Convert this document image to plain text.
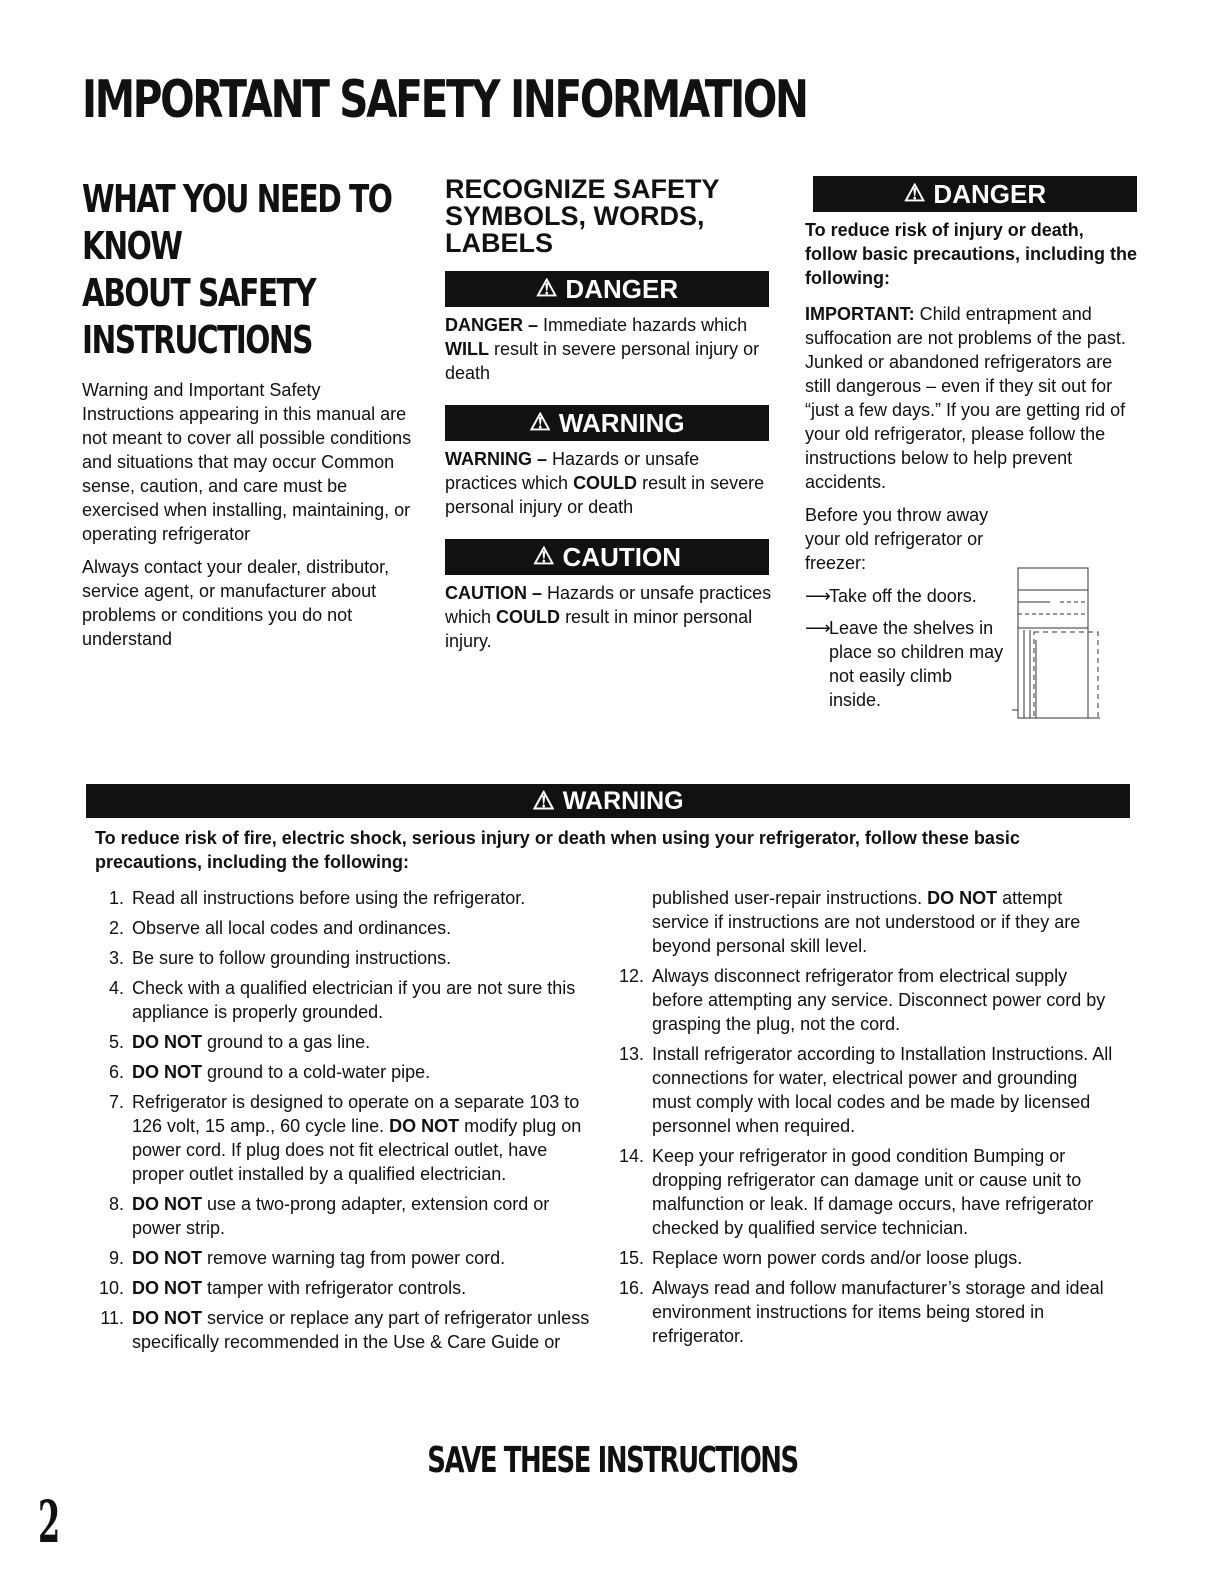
IMPORTANT SAFETY INFORMATION
WHAT YOU NEED TO KNOW
ABOUT SAFETY
INSTRUCTIONS

Warning and Important Safety Instructions appearing in this manual are not meant to cover all possible conditions and situations that may occur Common sense, caution, and care must be exercised when installing, maintaining, or operating refrigerator

Always contact your dealer, distributor, service agent, or manufacturer about problems or conditions you do not understand

RECOGNIZE SAFETY SYMBOLS, WORDS, LABELS
⚠ DANGER

DANGER – Immediate hazards which WILL result in severe personal injury or death

⚠ WARNING

WARNING – Hazards or unsafe practices which COULD result in severe personal injury or death

⚠ CAUTION

CAUTION – Hazards or unsafe practices which COULD result in minor personal injury.

⚠ DANGER

To reduce risk of injury or death, follow basic precautions, including the following:

IMPORTANT: Child entrapment and suffocation are not problems of the past. Junked or abandoned refrigerators are still dangerous – even if they sit out for “just a few days.” If you are getting rid of your old refrigerator, please follow the instructions below to help prevent accidents.

Before you throw away your old refrigerator or freezer:

⟶
Take off the doors.
⟶
Leave the shelves in place so children may not easily climb inside.
⚠ WARNING

To reduce risk of fire, electric shock, serious injury or death when using your refrigerator, follow these basic precautions, including the following:

1. Read all instructions before using the refrigerator.
2. Observe all local codes and ordinances.
3. Be sure to follow grounding instructions.
4. Check with a qualified electrician if you are not sure this appliance is properly grounded.
5. DO NOT ground to a gas line.
6. DO NOT ground to a cold-water pipe.
7. Refrigerator is designed to operate on a separate 103 to 126 volt, 15 amp., 60 cycle line. DO NOT modify plug on power cord. If plug does not fit electrical outlet, have proper outlet installed by a qualified electrician.
8. DO NOT use a two-prong adapter, extension cord or power strip.
9. DO NOT remove warning tag from power cord.
10. DO NOT tamper with refrigerator controls.
11. DO NOT service or replace any part of refrigerator unless specifically recommended in the Use & Care Guide or
published user-repair instructions. DO NOT attempt service if instructions are not understood or if they are beyond personal skill level.
12. Always disconnect refrigerator from electrical supply before attempting any service. Disconnect power cord by grasping the plug, not the cord.
13. Install refrigerator according to Installation Instructions. All connections for water, electrical power and grounding must comply with local codes and be made by licensed personnel when required.
14. Keep your refrigerator in good condition Bumping or dropping refrigerator can damage unit or cause unit to malfunction or leak. If damage occurs, have refrigerator checked by qualified service technician.
15. Replace worn power cords and/or loose plugs.
16. Always read and follow manufacturer’s storage and ideal environment instructions for items being stored in refrigerator.
SAVE THESE INSTRUCTIONS
2
